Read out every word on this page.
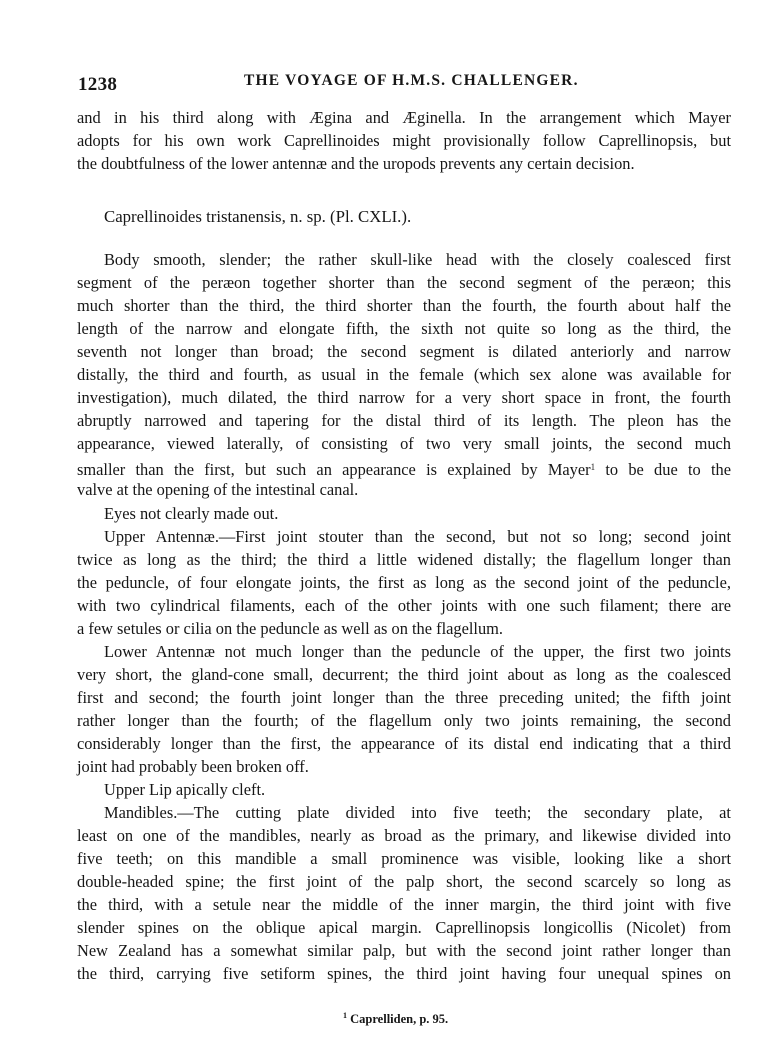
1238	THE VOYAGE OF H.M.S. CHALLENGER.
and in his third along with Ægina and Æginella. In the arrangement which Mayer
adopts for his own work Caprellinoides might provisionally follow Caprellinopsis, but
the doubtfulness of the lower antennæ and the uropods prevents any certain decision.
Caprellinoides tristanensis, n. sp. (Pl. CXLI.).
Body smooth, slender; the rather skull-like head with the closely coalesced first
segment of the peræon together shorter than the second segment of the peræon; this
much shorter than the third, the third shorter than the fourth, the fourth about half the
length of the narrow and elongate fifth, the sixth not quite so long as the third, the
seventh not longer than broad; the second segment is dilated anteriorly and narrow
distally, the third and fourth, as usual in the female (which sex alone was available for
investigation), much dilated, the third narrow for a very short space in front, the fourth
abruptly narrowed and tapering for the distal third of its length. The pleon has the
appearance, viewed laterally, of consisting of two very small joints, the second much
smaller than the first, but such an appearance is explained by Mayer$^1$ to be due to the
valve at the opening of the intestinal canal.
Eyes not clearly made out.
Upper Antennæ.—First joint stouter than the second, but not so long; second joint
twice as long as the third; the third a little widened distally; the flagellum longer than
the peduncle, of four elongate joints, the first as long as the second joint of the peduncle,
with two cylindrical filaments, each of the other joints with one such filament; there are
a few setules or cilia on the peduncle as well as on the flagellum.
Lower Antennæ not much longer than the peduncle of the upper, the first two joints
very short, the gland-cone small, decurrent; the third joint about as long as the coalesced
first and second; the fourth joint longer than the three preceding united; the fifth joint
rather longer than the fourth; of the flagellum only two joints remaining, the second
considerably longer than the first, the appearance of its distal end indicating that a third
joint had probably been broken off.
Upper Lip apically cleft.
Mandibles.—The cutting plate divided into five teeth; the secondary plate, at
least on one of the mandibles, nearly as broad as the primary, and likewise divided into
five teeth; on this mandible a small prominence was visible, looking like a short
double-headed spine; the first joint of the palp short, the second scarcely so long as
the third, with a setule near the middle of the inner margin, the third joint with five
slender spines on the oblique apical margin. Caprellinopsis longicollis (Nicolet) from
New Zealand has a somewhat similar palp, but with the second joint rather longer than
the third, carrying five setiform spines, the third joint having four unequal spines on
$^1$ Caprelliden, p. 95.
